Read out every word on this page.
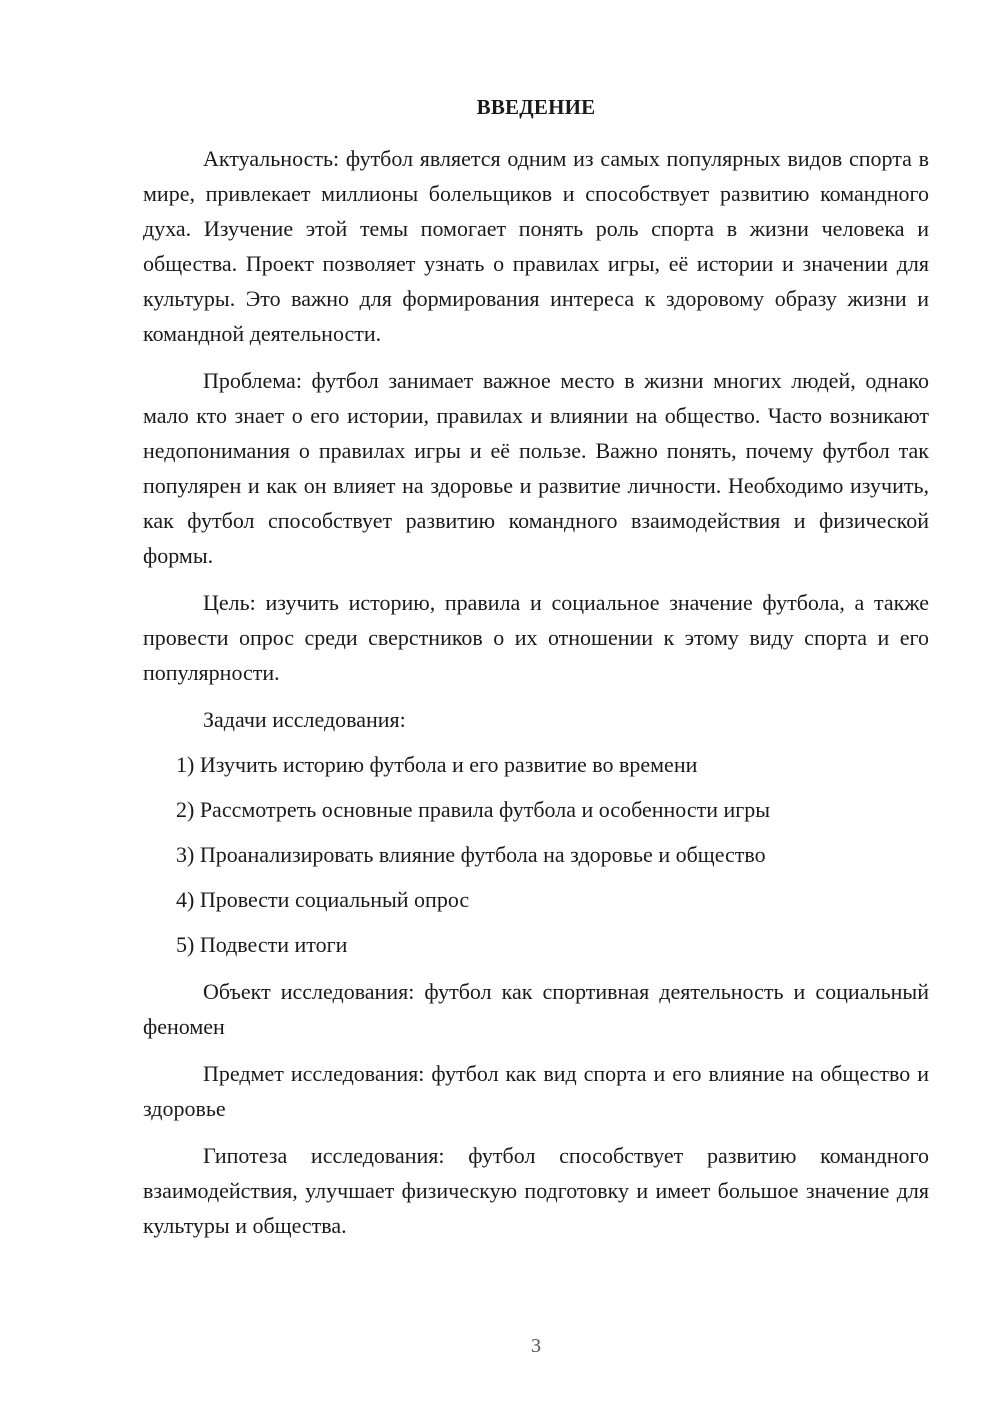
ВВЕДЕНИЕ

Актуальность: футбол является одним из самых популярных видов спорта в мире, привлекает миллионы болельщиков и способствует развитию командного духа. Изучение этой темы помогает понять роль спорта в жизни человека и общества. Проект позволяет узнать о правилах игры, её истории и значении для культуры. Это важно для формирования интереса к здоровому образу жизни и командной деятельности.

Проблема: футбол занимает важное место в жизни многих людей, однако мало кто знает о его истории, правилах и влиянии на общество. Часто возникают недопонимания о правилах игры и её пользе. Важно понять, почему футбол так популярен и как он влияет на здоровье и развитие личности. Необходимо изучить, как футбол способствует развитию командного взаимодействия и физической формы.

Цель: изучить историю, правила и социальное значение футбола, а также провести опрос среди сверстников о их отношении к этому виду спорта и его популярности.

Задачи исследования:
1) Изучить историю футбола и его развитие во времени
2) Рассмотреть основные правила футбола и особенности игры
3) Проанализировать влияние футбола на здоровье и общество
4) Провести социальный опрос
5) Подвести итоги

Объект исследования: футбол как спортивная деятельность и социальный феномен

Предмет исследования: футбол как вид спорта и его влияние на общество и здоровье

Гипотеза исследования: футбол способствует развитию командного взаимодействия, улучшает физическую подготовку и имеет большое значение для культуры и общества.

3
